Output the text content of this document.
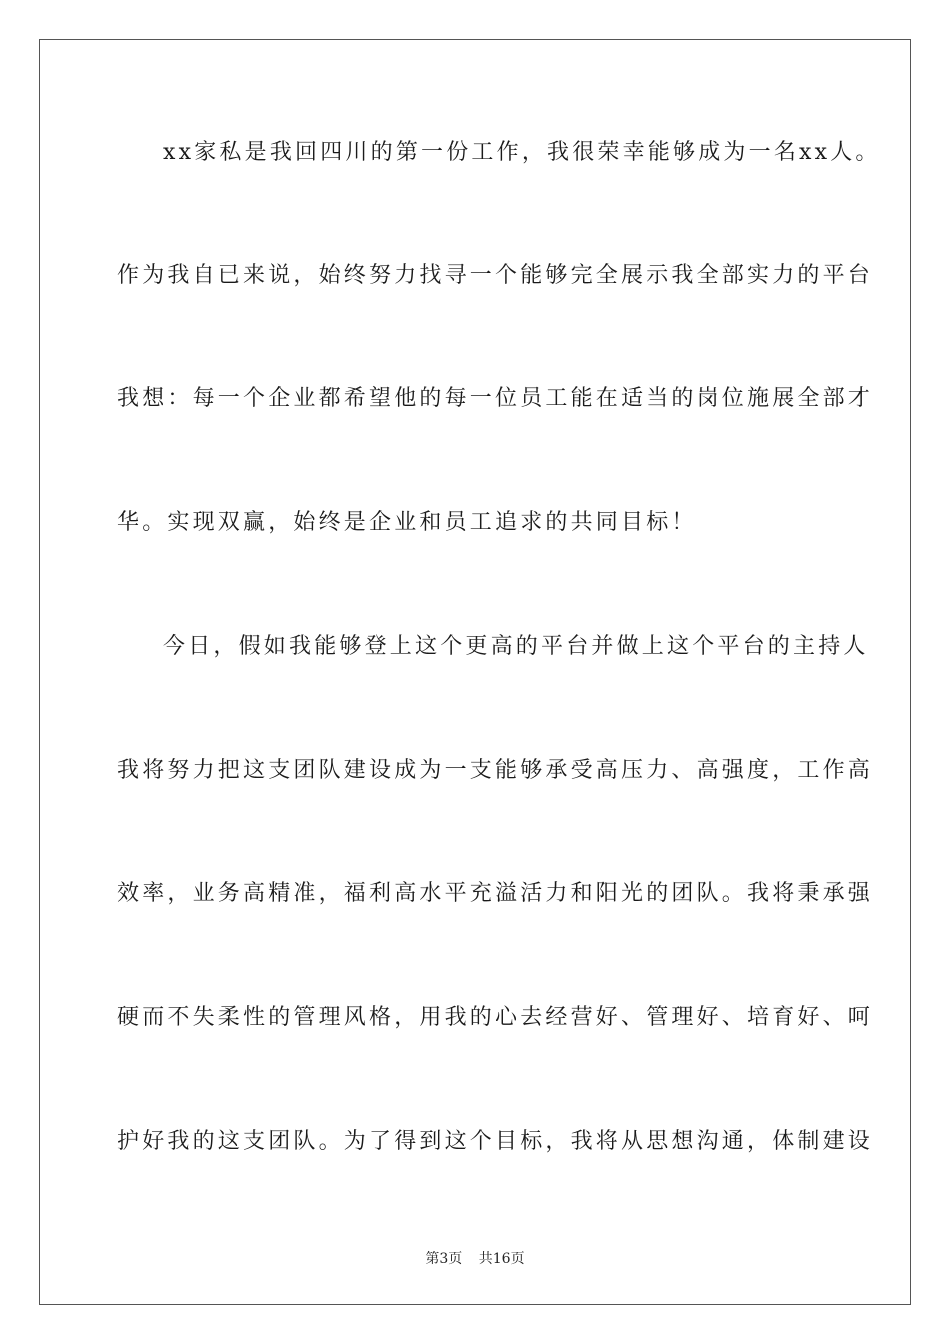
xx家私是我回四川的第一份工作，我很荣幸能够成为一名xx人。
作为我自已来说，始终努力找寻一个能够完全展示我全部实力的平台
我想：每一个企业都希望他的每一位员工能在适当的岗位施展全部才
华。实现双赢，始终是企业和员工追求的共同目标！
今日，假如我能够登上这个更高的平台并做上这个平台的主持人
我将努力把这支团队建设成为一支能够承受高压力、高强度，工作高
效率，业务高精准，福利高水平充溢活力和阳光的团队。我将秉承强
硬而不失柔性的管理风格，用我的心去经营好、管理好、培育好、呵
护好我的这支团队。为了得到这个目标，我将从思想沟通，体制建设
第3页 共16页
